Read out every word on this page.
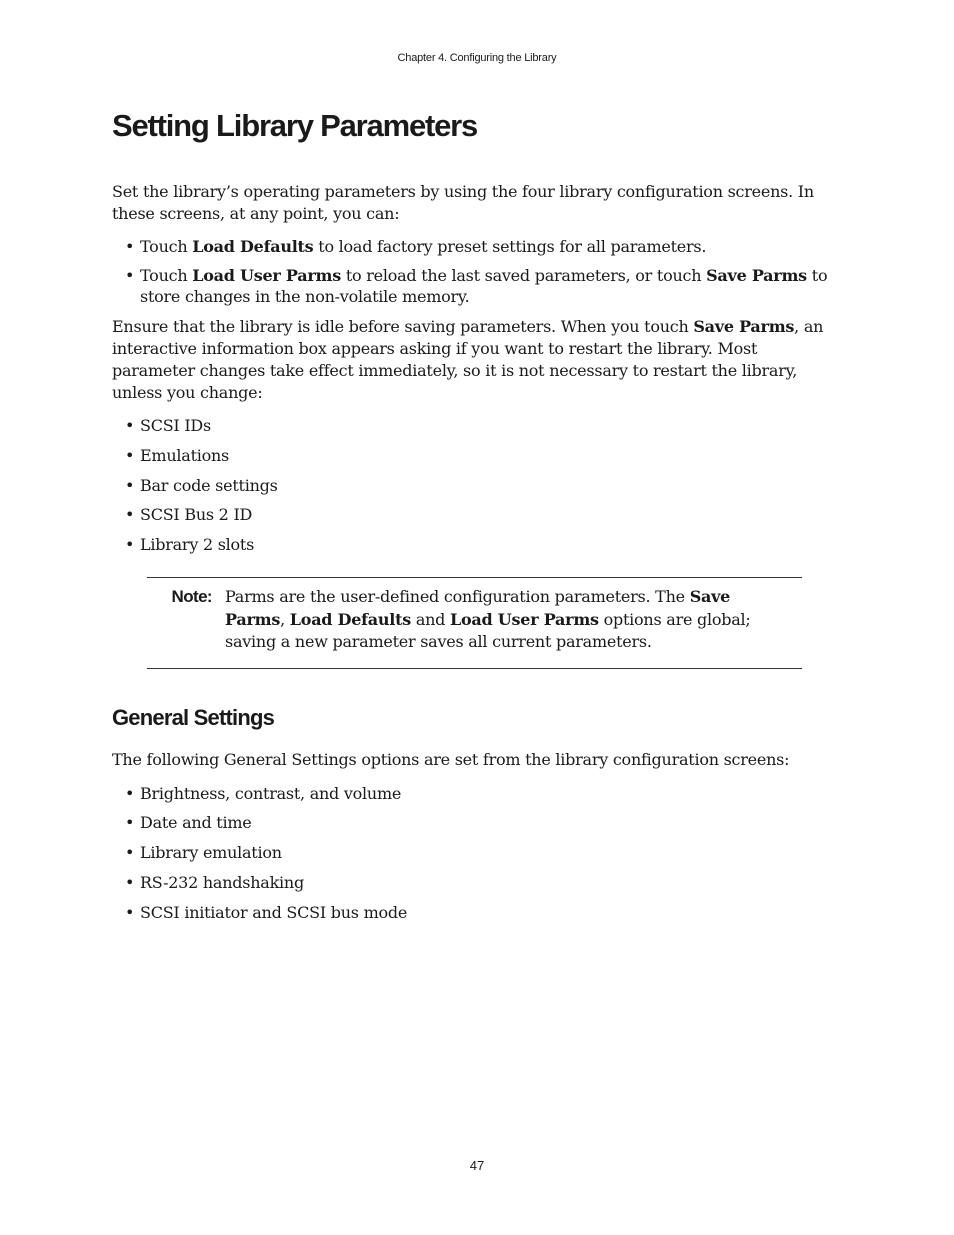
Chapter 4. Configuring the Library
Setting Library Parameters

Set the library’s operating parameters by using the four library configuration screens. In these screens, at any point, you can:

• Touch Load Defaults to load factory preset settings for all parameters.
• Touch Load User Parms to reload the last saved parameters, or touch Save Parms to store changes in the non-volatile memory.

Ensure that the library is idle before saving parameters. When you touch Save Parms, an interactive information box appears asking if you want to restart the library. Most parameter changes take effect immediately, so it is not necessary to restart the library, unless you change:

• SCSI IDs
• Emulations
• Bar code settings
• SCSI Bus 2 ID
• Library 2 slots
Note: Parms are the user-defined configuration parameters. The Save Parms, Load Defaults and Load User Parms options are global; saving a new parameter saves all current parameters.
General Settings

The following General Settings options are set from the library configuration screens:

• Brightness, contrast, and volume
• Date and time
• Library emulation
• RS-232 handshaking
• SCSI initiator and SCSI bus mode
47
